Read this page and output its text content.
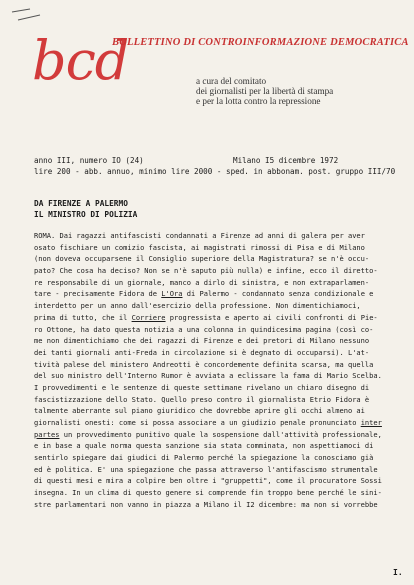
bcd
BOLLETTINO DI CONTROINFORMAZIONE DEMOCRATICA
a cura del comitato
dei giornalisti per la libertà di stampa
e per la lotta contro la repressione
anno III, numero IO (24)	Milano I5 dicembre 1972
lire 200 - abb. annuo, minimo lire 2000 - sped. in abbonam. post. gruppo III/70
DA FIRENZE A PALERMO
IL MINISTRO DI POLIZIA
ROMA. Dai ragazzi antifascisti condannati a Firenze ad anni di galera per aver
osato fischiare un comizio fascista, ai magistrati rimossi di Pisa e di Milano
(non doveva occuparsene il Consiglio superiore della Magistratura? se n'è occu-
pato? Che cosa ha deciso? Non se n'è saputo più nulla) e infine, ecco il diretto-
re responsabile di un giornale, manco a dirlo di sinistra, e non extraparlamen-
tare - precisamente Fidora de L'Ora di Palermo - condannato senza condizionale e
interdetto per un anno dall'esercizio della professione. Non dimentichiamoci,
prima di tutto, che il Corriere progressista e aperto ai civili confronti di Pie-
ro Ottone, ha dato questa notizia a una colonna in quindicesima pagina (così co-
me non dimentichiamo che dei ragazzi di Firenze e dei pretori di Milano nessuno
dei tanti giornali anti-Freda in circolazione si è degnato di occuparsi). L'at-
tività palese del ministero Andreotti è concordemente definita scarsa, ma quella
del suo ministro dell'Interno Rumor è avviata a eclissare la fama di Mario Scelba.
I provvedimenti e le sentenze di queste settimane rivelano un chiaro disegno di
fascistizzazione dello Stato. Quello preso contro il giornalista Etrio Fidora è
talmente aberrante sul piano giuridico che dovrebbe aprire gli occhi almeno ai
giornalisti onesti: come si possa associare a un giudizio penale pronunciato inter
partes un provvedimento punitivo quale la sospensione dall'attività professionale,
e in base a quale norma questa sanzione sia stata comminata, non aspettiamoci di
sentirlo spiegare dai giudici di Palermo perché la spiegazione la conosciamo già
ed è politica. E' una spiegazione che passa attraverso l'antifascismo strumentale
di questi mesi e mira a colpire ben oltre i "gruppetti", come il procuratore Sossi
insegna. In un clima di questo genere si comprende fin troppo bene perché le sini-
stre parlamentari non vanno in piazza a Milano il I2 dicembre: ma non si vorrebbe
I.
